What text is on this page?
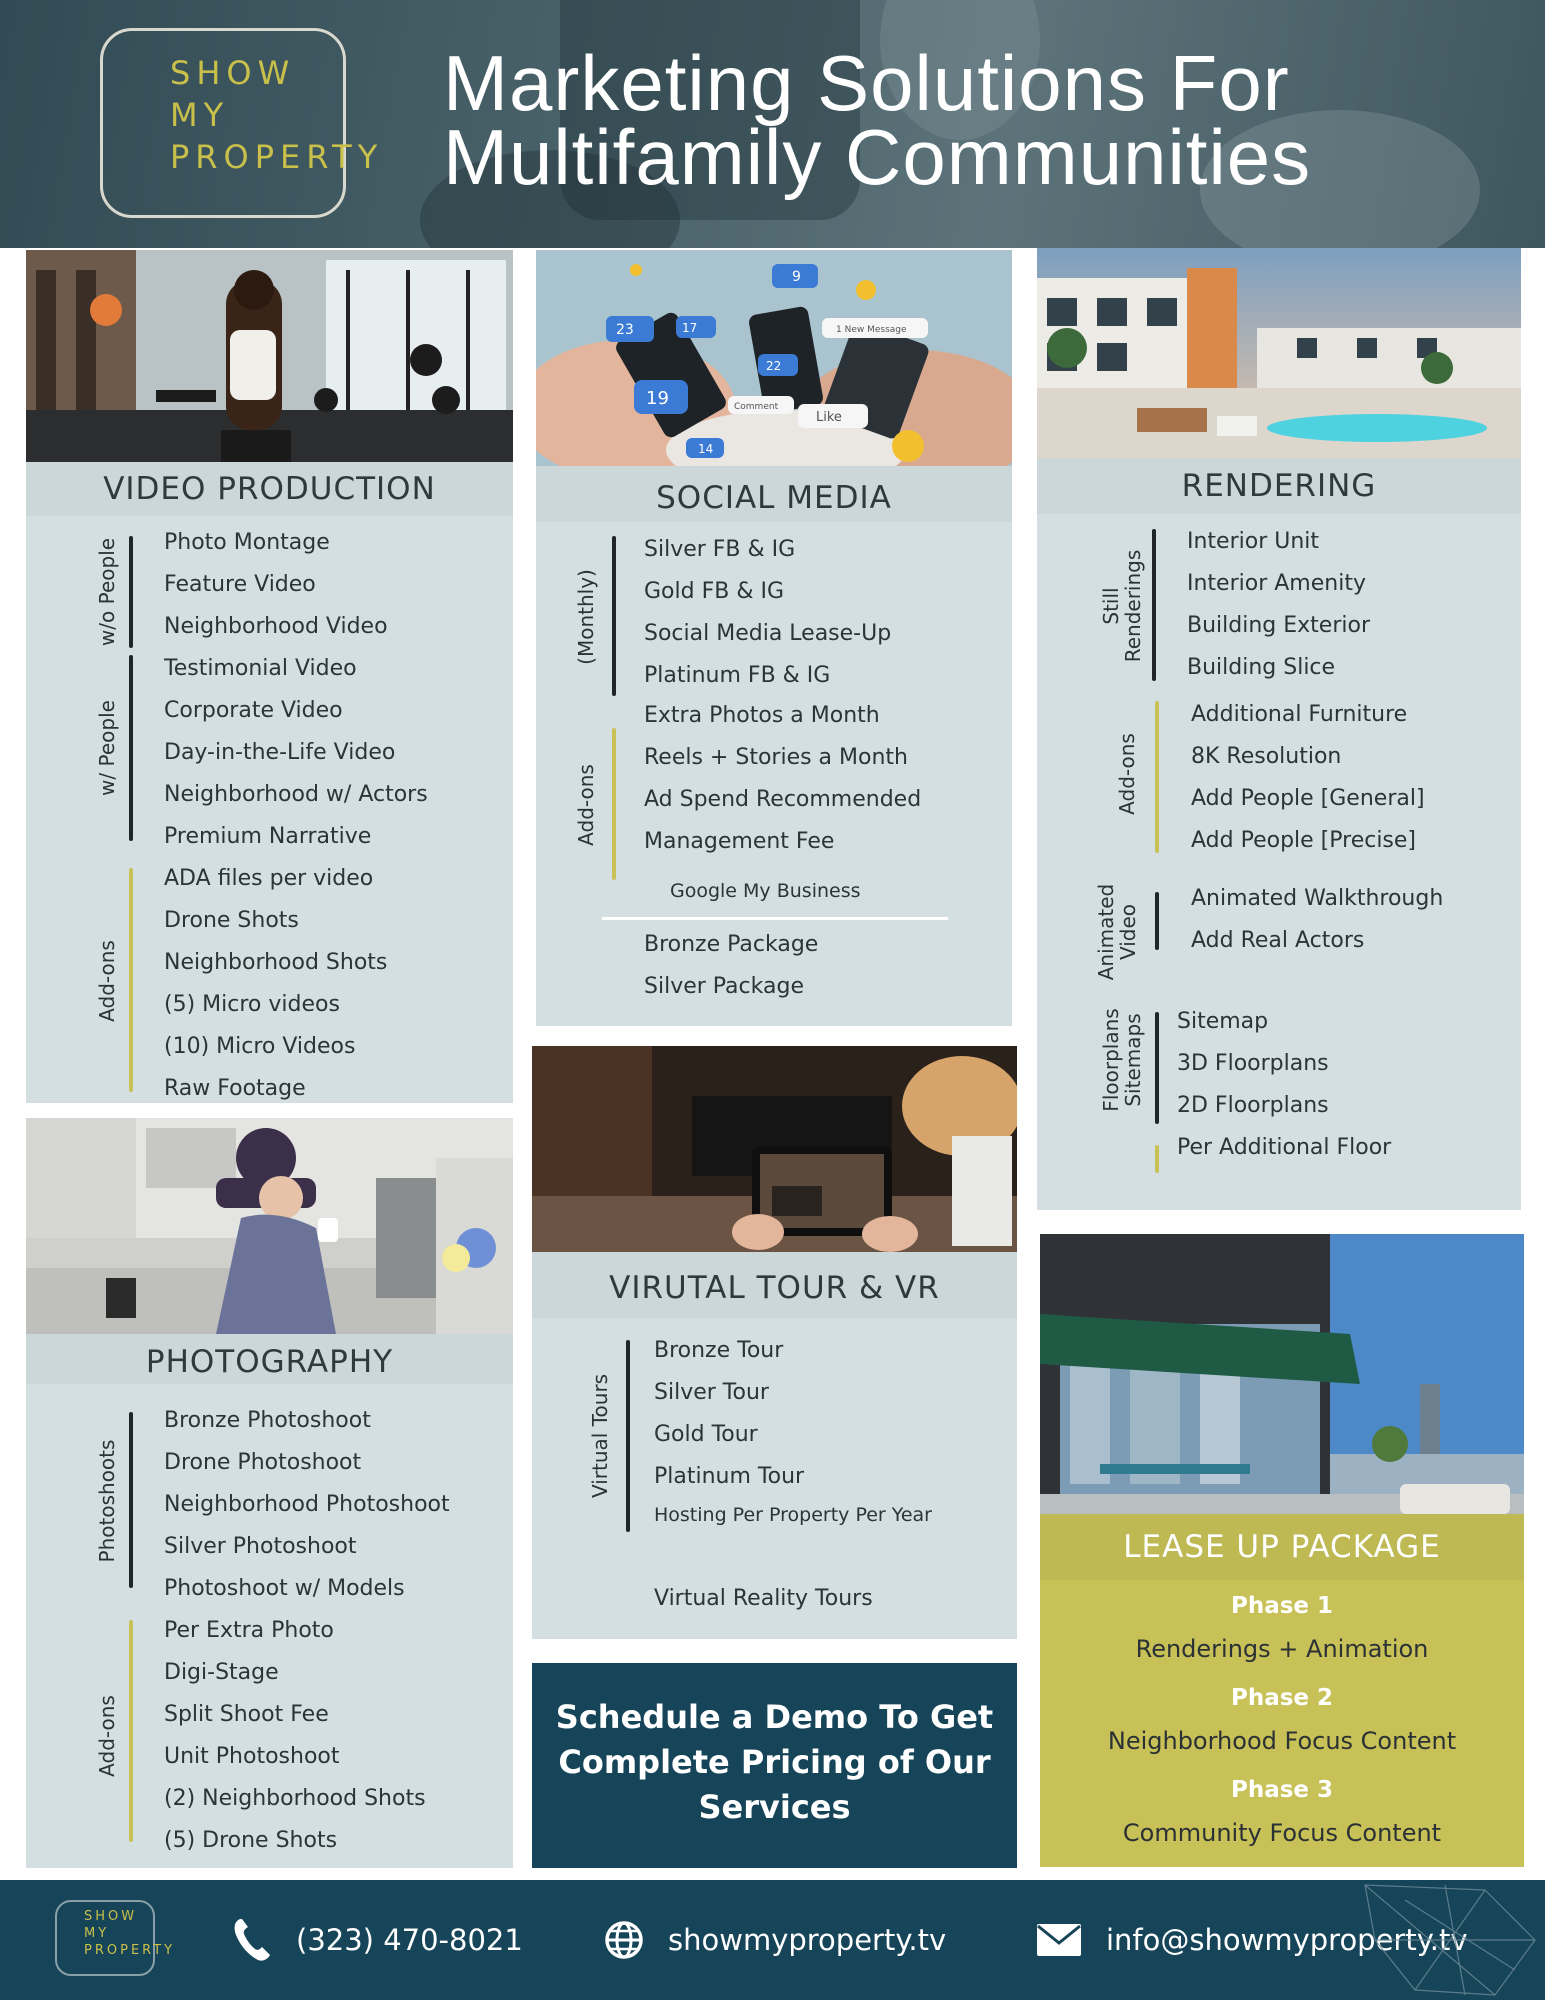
SHOW
MY
PROPERTY
Marketing Solutions For
Multifamily Communities
VIDEO PRODUCTION
w/o People Photo Montage
Feature Video
Neighborhood Video
w/ People
Testimonial Video
Corporate Video
Day-in-the-Life Video
Neighborhood w/ Actors
Premium Narrative
Add-ons
ADA files per video
Drone Shots
Neighborhood Shots
(5) Micro videos
(10) Micro Videos
Raw Footage
23
19
17
9
22
14
Like
Comment
1 New Message
SOCIAL MEDIA
(Monthly)
Silver FB & IG
Gold FB & IG
Social Media Lease-Up
Platinum FB & IG
Add-ons
Extra Photos a Month
Reels + Stories a Month
Ad Spend Recommended
Management Fee
Google My Business
Bronze Package
Silver Package
RENDERING
Still
Renderings
Interior Unit
Interior Amenity
Building Exterior
Building Slice
Add-ons
Additional Furniture
8K Resolution
Add People [General]
Add People [Precise]
Animated
Video
Animated Walkthrough
Add Real Actors
Floorplans
Sitemaps Sitemap
3D Floorplans
2D Floorplans
Per Additional Floor
PHOTOGRAPHY
Photoshoots
Bronze Photoshoot
Drone Photoshoot
Neighborhood Photoshoot
Silver Photoshoot
Photoshoot w/ Models
Add-ons
Per Extra Photo
Digi-Stage
Split Shoot Fee
Unit Photoshoot
(2) Neighborhood Shots
(5) Drone Shots
VIRUTAL TOUR & VR
Virtual Tours
Bronze Tour
Silver Tour
Gold Tour
Platinum Tour
Hosting Per Property Per Year
Virtual Reality Tours
Schedule a Demo To Get Complete Pricing of Our Services
LEASE UP PACKAGE
Phase 1
Renderings + Animation
Phase 2
Neighborhood Focus Content
Phase 3
Community Focus Content
SHOW
MY
PROPERTY	(323) 470-8021	showmyproperty.tv	info@showmyproperty.tv
